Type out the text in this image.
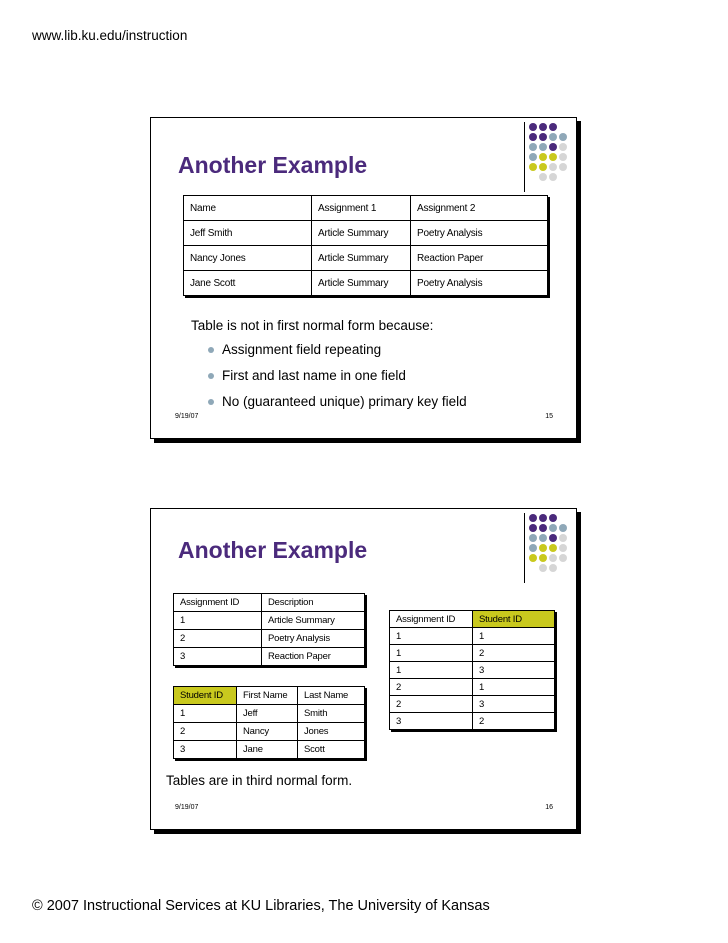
www.lib.ku.edu/instruction
Another Example
Name	Assignment 1	Assignment 2
Jeff Smith	Article Summary	Poetry Analysis
Nancy Jones	Article Summary	Reaction Paper
Jane Scott	Article Summary	Poetry Analysis
Table is not in first normal form because:
Assignment field repeating
First and last name in one field
No (guaranteed unique) primary key field
9/19/07	15
Another Example
Assignment ID	Description
1	Article Summary
2	Poetry Analysis
3	Reaction Paper
Assignment ID	Student ID
1	1
1	2
1	3
2	1
2	3
3	2
Student ID	First Name	Last Name
1	Jeff	Smith
2	Nancy	Jones
3	Jane	Scott
Tables are in third normal form.
9/19/07	16
© 2007 Instructional Services at KU Libraries, The University of Kansas
